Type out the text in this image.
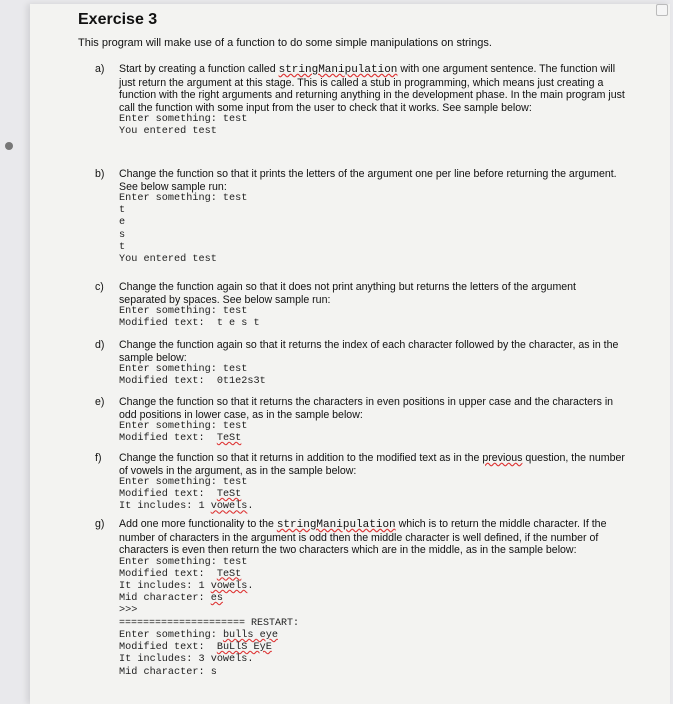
Exercise 3
This program will make use of a function to do some simple manipulations on strings.
a) Start by creating a function called stringManipulation with one argument sentence. The function will just return the argument at this stage. This is called a stub in programming, which means just creating a function with the right arguments and returning anything in the development phase. In the main program just call the function with some input from the user to check that it works. See sample below:
Enter something: test
You entered test
b) Change the function so that it prints the letters of the argument one per line before returning the argument. See below sample run:
Enter something: test
t
e
s
t
You entered test
c) Change the function again so that it does not print anything but returns the letters of the argument separated by spaces. See below sample run:
Enter something: test
Modified text:  t e s t
d) Change the function again so that it returns the index of each character followed by the character, as in the sample below:
Enter something: test
Modified text:  0t1e2s3t
e) Change the function so that it returns the characters in even positions in upper case and the characters in odd positions in lower case, as in the sample below:
Enter something: test
Modified text:  TeSt
f) Change the function so that it returns in addition to the modified text as in the previous question, the number of vowels in the argument, as in the sample below:
Enter something: test
Modified text:  TeSt
It includes: 1 vowels.
g) Add one more functionality to the stringManipulation which is to return the middle character. If the number of characters in the argument is odd then the middle character is well defined, if the number of characters is even then return the two characters which are in the middle, as in the sample below:
Enter something: test
Modified text:  TeSt
It includes: 1 vowels.
Mid character: es
>>>
===================== RESTART:
Enter something: bulls eye
Modified text:  BuLlS EyE
It includes: 3 vowels.
Mid character: s
